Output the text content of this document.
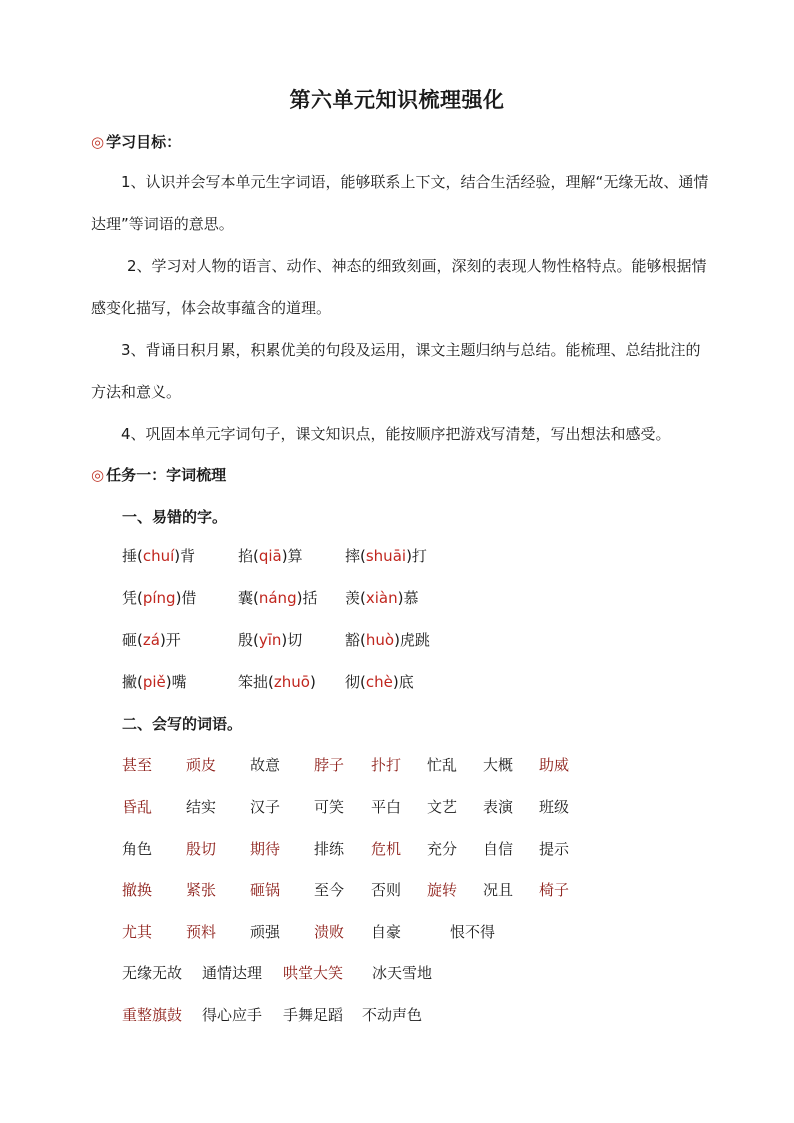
第六单元知识梳理强化
◎ 学习目标：
1、认识并会写本单元生字词语，能够联系上下文，结合生活经验，理解“无缘无故、通情达理”等词语的意思。
2、学习对人物的语言、动作、神态的细致刻画，深刻的表现人物性格特点。能够根据情感变化描写，体会故事蕴含的道理。
3、背诵日积月累，积累优美的句段及运用，课文主题归纳与总结。能梳理、总结批注的方法和意义。
4、巩固本单元字词句子，课文知识点，能按顺序把游戏写清楚，写出想法和感受。
◎ 任务一：字词梳理
一、易错的字。
捶(chuí)背	掐(qiā)算	摔(shuāi)打
凭(píng)借	囊(náng)括 羡(xiàn)慕
砸(zá)开	殷(yīn)切	豁(huò)虎跳
撇(piě)嘴	笨拙(zhuō) 彻(chè)底
二、会写的词语。
甚至 顽皮 故意 脖子 扑打 忙乱 大概 助威
昏乱 结实 汉子 可笑 平白 文艺 表演 班级
角色 殷切 期待 排练 危机 充分 自信 提示
撤换 紧张 砸锅 至今 否则 旋转 况且 椅子
尤其 预料 顽强 溃败 自豪	恨不得
无缘无故 通情达理 哄堂大笑 冰天雪地
重整旗鼓 得心应手 手舞足蹈 不动声色
